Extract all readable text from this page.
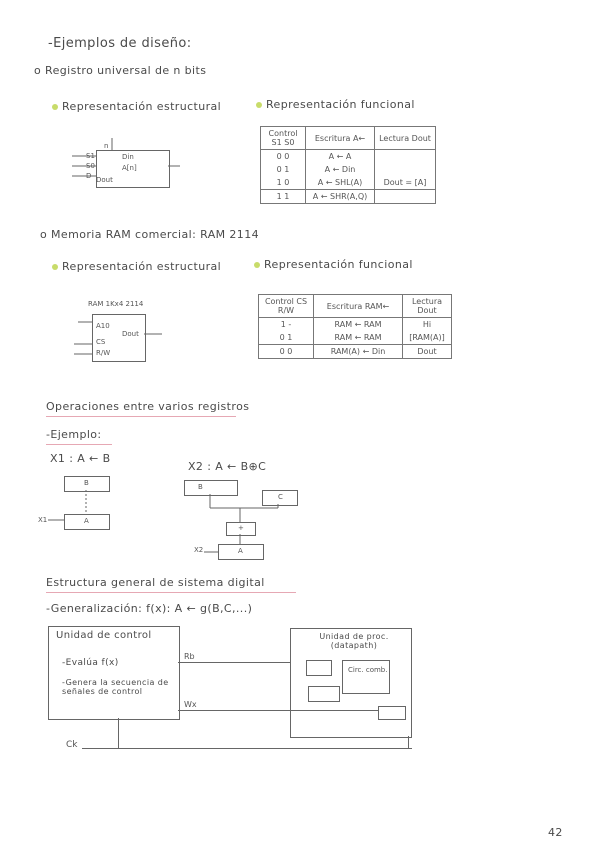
-Ejemplos de diseño:
o Registro universal de n bits
Representación estructural	Representación funcional
n
Din
A[n]
Dout
S1
S0
D
Control S1 S0	Escritura A←	Lectura Dout
0 0	A ← A	
0 1	A ← Din	
1 0	A ← SHL(A)	Dout = [A]
1 1	A ← SHR(A,Q)	
o Memoria RAM comercial: RAM 2114
Representación estructural	Representación funcional
RAM 1Kx4 2114
A10
CS
R/W
Dout
Control CS R/W	Escritura RAM←	Lectura Dout
1 -	RAM ← RAM	Hi
0 1	RAM ← RAM	[RAM(A)]
0 0	RAM(A) ← Din	Dout
Operaciones entre varios registros
-Ejemplo:
X1 : A ← B
B
A
X1
X2 : A ← B⊕C
B
C
+
A
X2
Estructura general de sistema digital
-Generalización: f(x): A ← g(B,C,...)
Unidad de control
-Evalúa f(x)
-Genera la secuencia de señales de control
Unidad de proc. (datapath)
Circ. comb.
Rb
Wx
Ck
42
